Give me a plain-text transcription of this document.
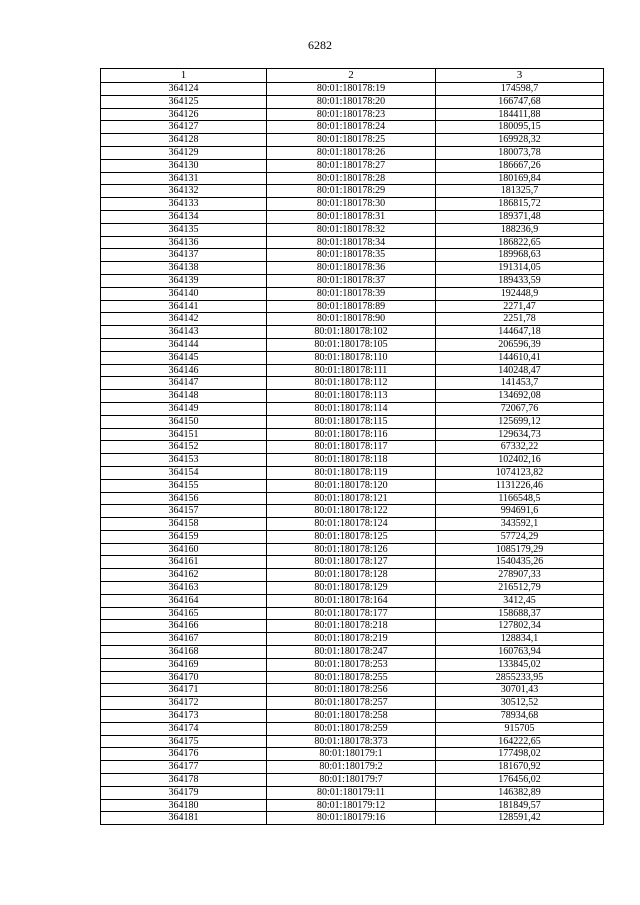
6282
1	2	3
364124	80:01:180178:19	174598,7
364125	80:01:180178:20	166747,68
364126	80:01:180178:23	184411,88
364127	80:01:180178:24	180095,15
364128	80:01:180178:25	169928,32
364129	80:01:180178:26	180073,78
364130	80:01:180178:27	186667,26
364131	80:01:180178:28	180169,84
364132	80:01:180178:29	181325,7
364133	80:01:180178:30	186815,72
364134	80:01:180178:31	189371,48
364135	80:01:180178:32	188236,9
364136	80:01:180178:34	186822,65
364137	80:01:180178:35	189968,63
364138	80:01:180178:36	191314,05
364139	80:01:180178:37	189433,59
364140	80:01:180178:39	192448,9
364141	80:01:180178:89	2271,47
364142	80:01:180178:90	2251,78
364143	80:01:180178:102	144647,18
364144	80:01:180178:105	206596,39
364145	80:01:180178:110	144610,41
364146	80:01:180178:111	140248,47
364147	80:01:180178:112	141453,7
364148	80:01:180178:113	134692,08
364149	80:01:180178:114	72067,76
364150	80:01:180178:115	125699,12
364151	80:01:180178:116	129634,73
364152	80:01:180178:117	67332,22
364153	80:01:180178:118	102402,16
364154	80:01:180178:119	1074123,82
364155	80:01:180178:120	1131226,46
364156	80:01:180178:121	1166548,5
364157	80:01:180178:122	994691,6
364158	80:01:180178:124	343592,1
364159	80:01:180178:125	57724,29
364160	80:01:180178:126	1085179,29
364161	80:01:180178:127	1540435,26
364162	80:01:180178:128	278907,33
364163	80:01:180178:129	216512,79
364164	80:01:180178:164	3412,45
364165	80:01:180178:177	158688,37
364166	80:01:180178:218	127802,34
364167	80:01:180178:219	128834,1
364168	80:01:180178:247	160763,94
364169	80:01:180178:253	133845,02
364170	80:01:180178:255	2855233,95
364171	80:01:180178:256	30701,43
364172	80:01:180178:257	30512,52
364173	80:01:180178:258	78934,68
364174	80:01:180178:259	915705
364175	80:01:180178:373	164222,65
364176	80:01:180179:1	177498,02
364177	80:01:180179:2	181670,92
364178	80:01:180179:7	176456,02
364179	80:01:180179:11	146382,89
364180	80:01:180179:12	181849,57
364181	80:01:180179:16	128591,42
